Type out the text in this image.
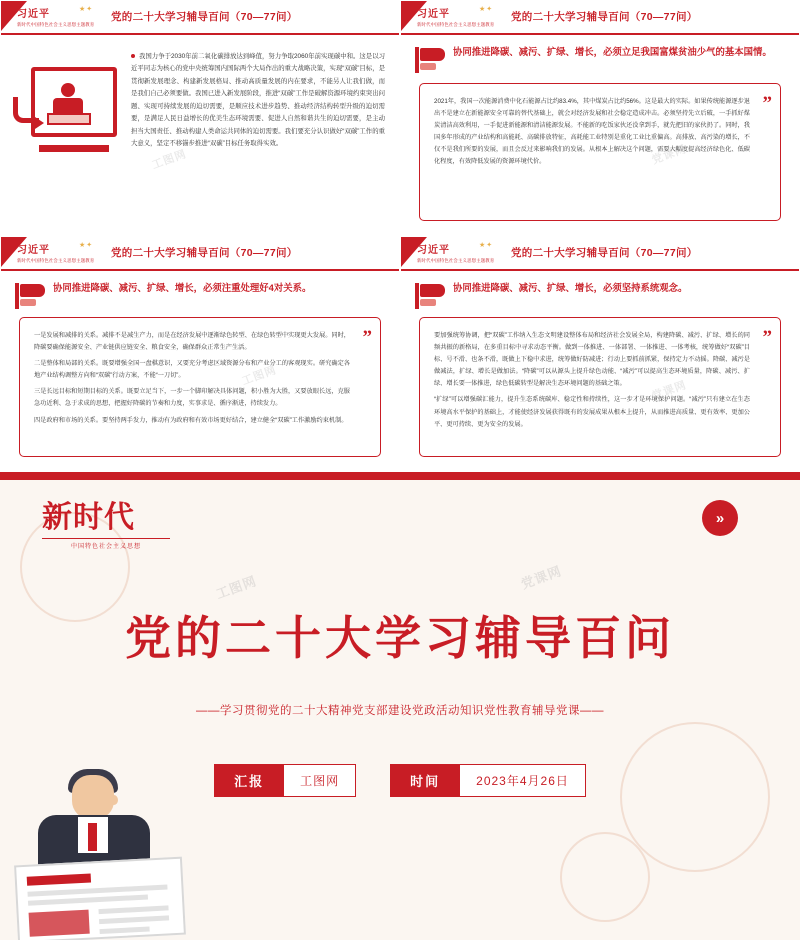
习近平
新时代中国特色社会主义思想主题教育
★✦
党的二十大学习辅导百问（70—77问）
我国力争于2030年前二氧化碳排放达到峰值，努力争取2060年前实现碳中和。这是以习近平同志为核心的党中央统筹国内国际两个大局作出的重大战略决策，实现“双碳”目标，是贯彻新发展理念、构建新发展格局、推动高质量发展的内在要求，不能另人让我们做，而是我们自己必须要做。我国已进入新发展阶段，推进“双碳”工作是破解资源环境约束突出问题、实现可持续发展的迫切需要，是顺应技术进步趋势、推动经济结构转型升级的迫切需要，是满足人民日益增长的优美生态环境需要、促进人自然和谐共生的迫切需要，是主动担当大国责任、推动构建人类命运共同体的迫切需要。我们要充分认识做好“双碳”工作的重大意义，坚定不移锚步推进“双碳”目标任务取得实效。
工图网
习近平
新时代中国特色社会主义思想主题教育
★✦
党的二十大学习辅导百问（70—77问）
协同推进降碳、减污、扩绿、增长，必须立足我国富煤贫油少气的基本国情。
”

2021年，我国一次能源消费中化石能源占比约83.4%，其中煤炭占比约56%。这是最大的实际。如果传统能源逐步退出不是建立在新能源安全可靠的替代基础上，就会对经济发展和社会稳定造成冲击。必须坚持先立后破，一手抓好煤炭清洁高效利用，一手促进新能源和清洁能源发展。不能新的吃饭家伙还没拿到手，就先把旧的家伙扔了。同时，我国多年形成的产业结构和高能耗、高碳排放特征，高耗能工业特别是重化工业比重偏高。高排放、高污染的增长，不仅不是我们所要的发展，而且会反过来影响我们的发展。从根本上解决这个问题，需要大幅度提高经济绿色化、低碳化程度，有效降低发展的资源环境代价。	党课网
习近平
新时代中国特色社会主义思想主题教育
★✦
党的二十大学习辅导百问（70—77问）
协同推进降碳、减污、扩绿、增长，必须注重处理好4对关系。
”

一是发展和减排的关系。减排不是减生产力，而是在经济发展中逐渐绿色转型、在绿色转型中实现更大发展。同时，降碳要确保能源安全、产业链供应链安全、粮食安全，确保群众正常生产生活。

二是整体和局部的关系。既要增强全国一盘棋意识，又要充分考虑区域资源分布和产业分工的客观现实。研究确定各地产业结构调整方向和“双碳”行动方案，不能“一刀切”。

三是长远目标和短期目标的关系。既要立足当下，一步一个脚印解决具体问题，积小胜为大胜，又要放眼长远，克服急功近利、急于求成的思想，把握好降碳的节奏和力度，实事求是、循序渐进，持续发力。

四是政府和市场的关系。要坚持两手发力，推动有为政府和有效市场更好结合，建立健全“双碳”工作激励约束机制。

工图网
习近平
新时代中国特色社会主义思想主题教育
★✦
党的二十大学习辅导百问（70—77问）
协同推进降碳、减污、扩绿、增长，必须坚持系统观念。
”

要加强统筹协调，把“双碳”工作纳入生态文明建设整体布局和经济社会发展全局，构建降碳、减污、扩绿、增长的同频共振的新格局，在多重目标中寻求动态平衡。做到一体推进、一体部署、一体推进、一体考核，统筹做好“双碳”目标、号不滑、也条不滑，既做上下稳中求进，统筹做好防减进；行动上要抓前抓紧，保持定力不动摇。降碳、减污是做减法，扩绿、增长是做加法。“降碳”可以从源头上提升绿色动能、“减污”可以提高生态环境质量，降碳、减污、扩绿、增长要一体推进，绿色低碳转型是解决生态环境问题的基础之策。

“扩绿”可以增强碳汇能力，提升生态系统碳库、稳定性和持续性，这一步才是环境保护问题。“减污”只有建立在生态环境高水平保护的基础上，才能使经济发展获得既有的发展成果从根本上提升，从而推进高质量、更有效率、更加公平、更可持续、更为安全的发展。

党课网
新时代
中国特色社会主义思想
»
党的二十大学习辅导百问
——学习贯彻党的二十大精神党支部建设党政活动知识党性教育辅导党课——
汇报	工图网	时间	2023年4月26日
工图网	党课网
